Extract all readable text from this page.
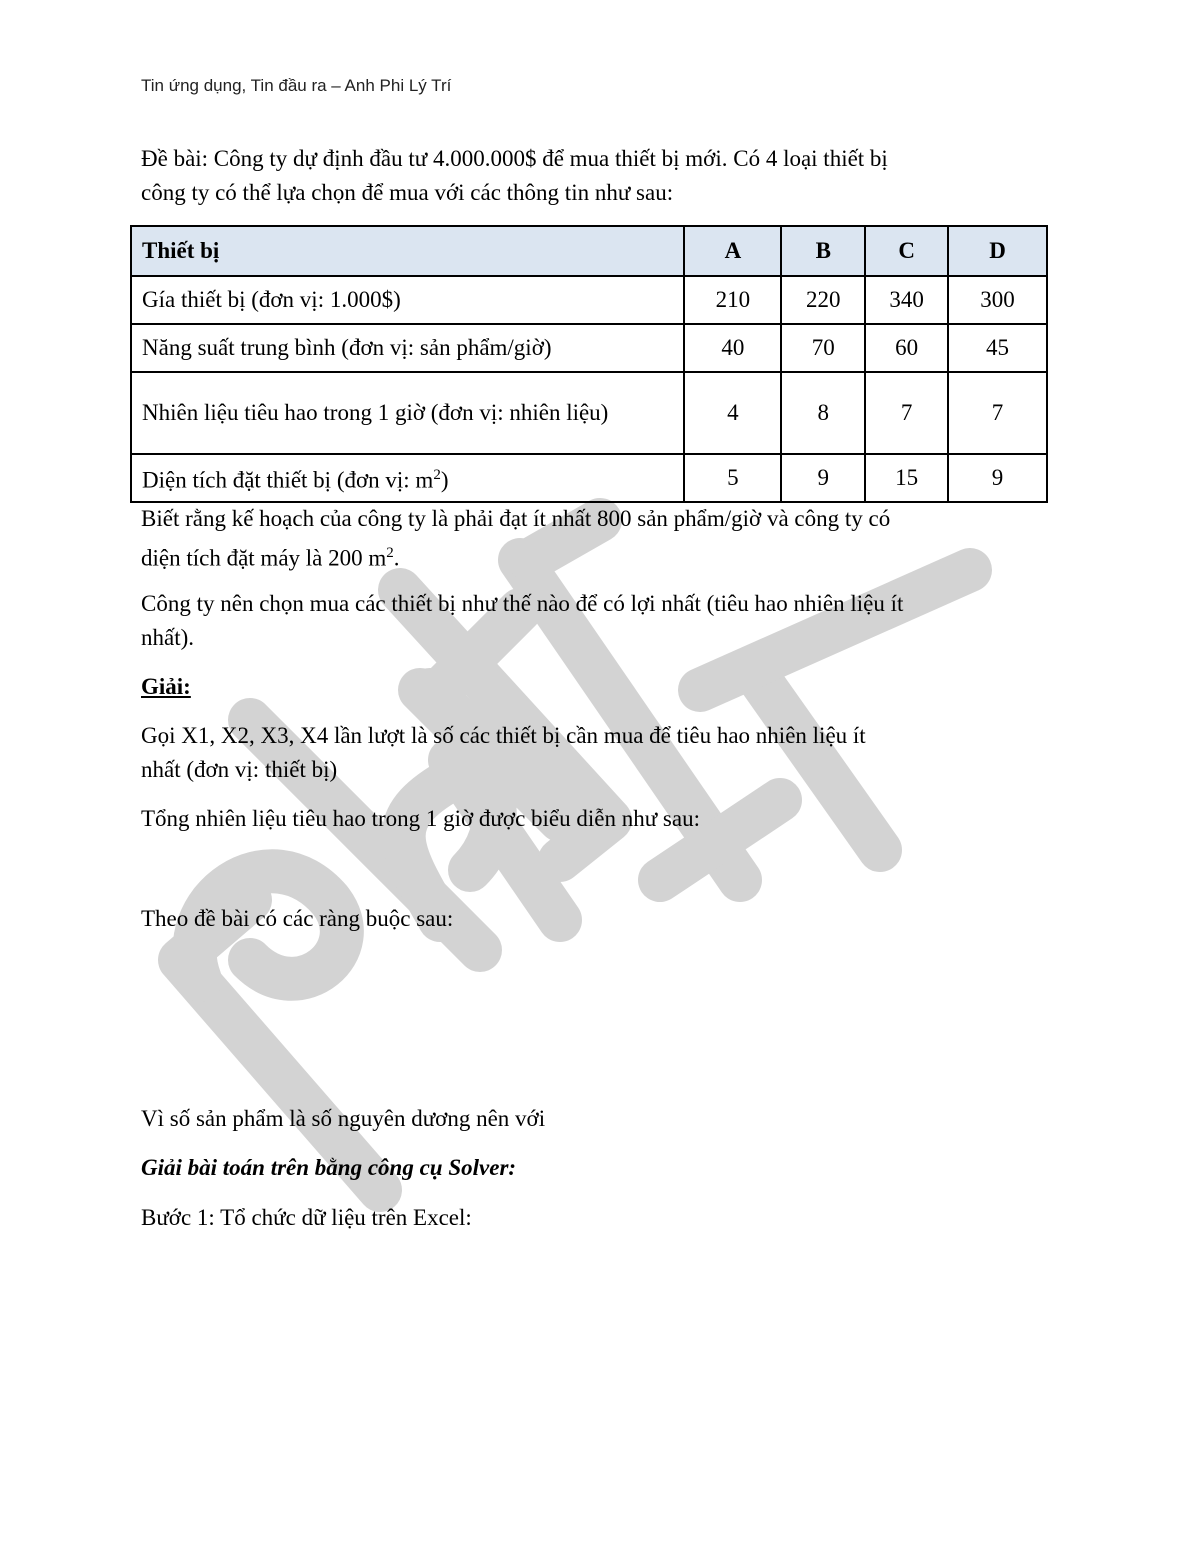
Tin ứng dụng, Tin đầu ra – Anh Phi Lý Trí
Đề bài: Công ty dự định đầu tư 4.000.000$ để mua thiết bị mới. Có 4 loại thiết bị
công ty có thể lựa chọn để mua với các thông tin như sau:
Biết rằng kế hoạch của công ty là phải đạt ít nhất 800 sản phẩm/giờ và công ty có
diện tích đặt máy là 200 $m^2$.
Công ty nên chọn mua các thiết bị như thế nào để có lợi nhất (tiêu hao nhiên liệu ít
nhất).
Giải:
Gọi X1, X2, X3, X4 lần lượt là số các thiết bị cần mua để tiêu hao nhiên liệu ít
nhất (đơn vị: thiết bị)
Tổng nhiên liệu tiêu hao trong 1 giờ được biểu diễn như sau:
Theo đề bài có các ràng buộc sau:
Vì số sản phẩm là số nguyên dương nên với
Giải bài toán trên bằng công cụ Solver:
Bước 1: Tổ chức dữ liệu trên Excel:
Thiết bị	A	B	C	D
Gía thiết bị (đơn vị: 1.000$)	210	220	340	300
Năng suất trung bình (đơn vị: sản phẩm/giờ)	40	70	60	45
Nhiên liệu tiêu hao trong 1 giờ (đơn vị: nhiên liệu)	4	8	7	7
Diện tích đặt thiết bị (đơn vị: $m^2$)	5	9	15	9
